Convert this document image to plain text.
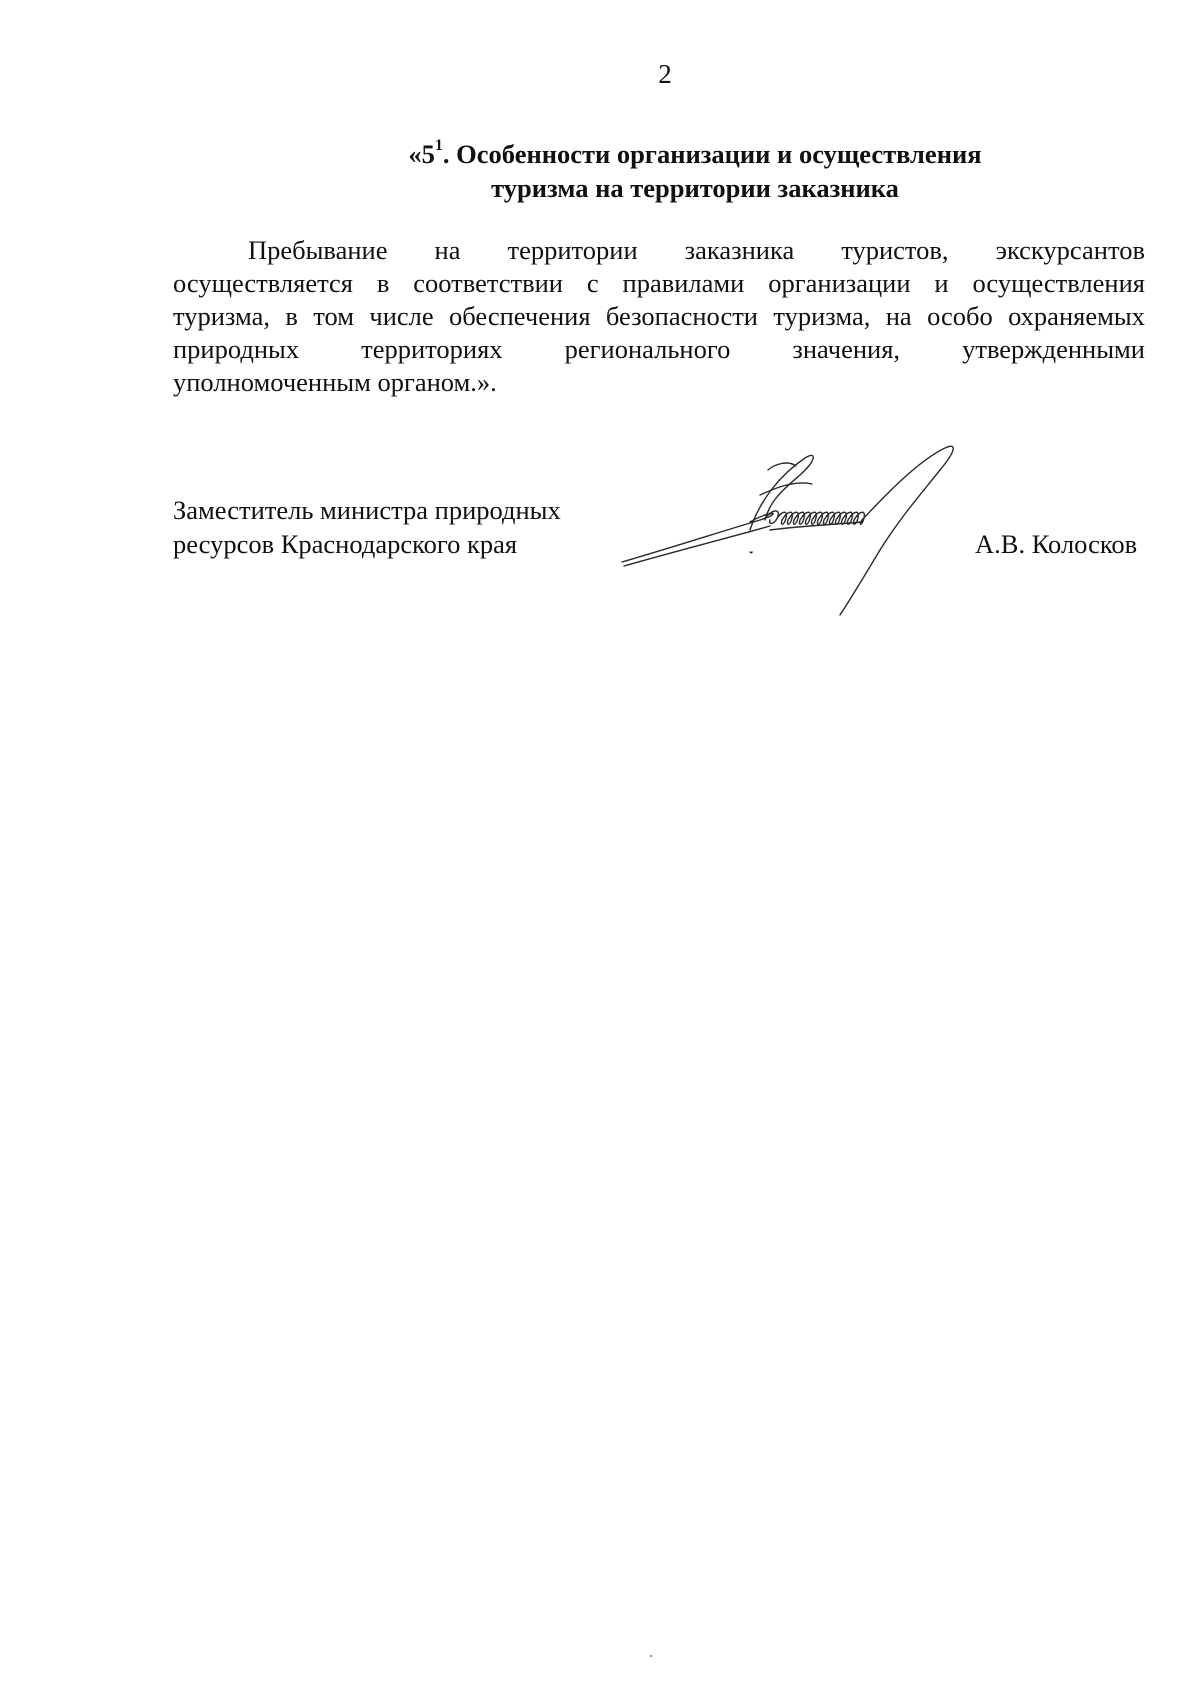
2
«$5^1$. Особенности организации и осуществления
туризма на территории заказника
Пребывание на территории заказника туристов, экскурсантов
осуществляется в соответствии с правилами организации и осуществления
туризма, в том числе обеспечения безопасности туризма, на особо охраняемых
природных территориях регионального значения, утвержденными
уполномоченным органом.».
Заместитель министра природных
ресурсов Краснодарского края	А.В. Колосков
